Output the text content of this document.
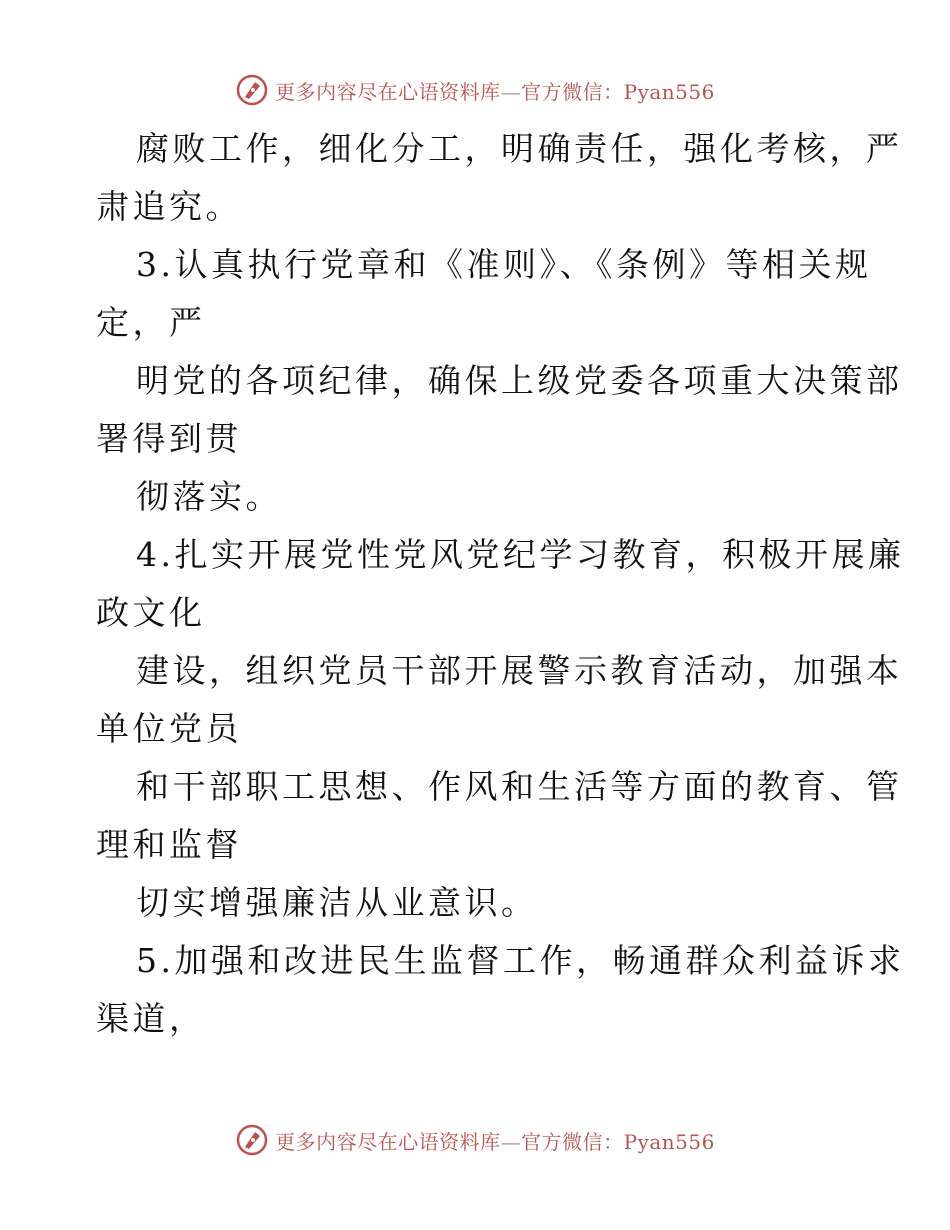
更多内容尽在心语资料库—官方微信：Pyan556
腐败工作，细化分工，明确责任，强化考核，严
肃追究。
3.认真执行党章和《准则》、《条例》等相关规
定，严
明党的各项纪律，确保上级党委各项重大决策部
署得到贯
彻落实。
4.扎实开展党性党风党纪学习教育，积极开展廉
政文化
建设，组织党员干部开展警示教育活动，加强本
单位党员
和干部职工思想、作风和生活等方面的教育、管
理和监督
切实增强廉洁从业意识。
5.加强和改进民生监督工作，畅通群众利益诉求
渠道，
更多内容尽在心语资料库—官方微信：Pyan556
